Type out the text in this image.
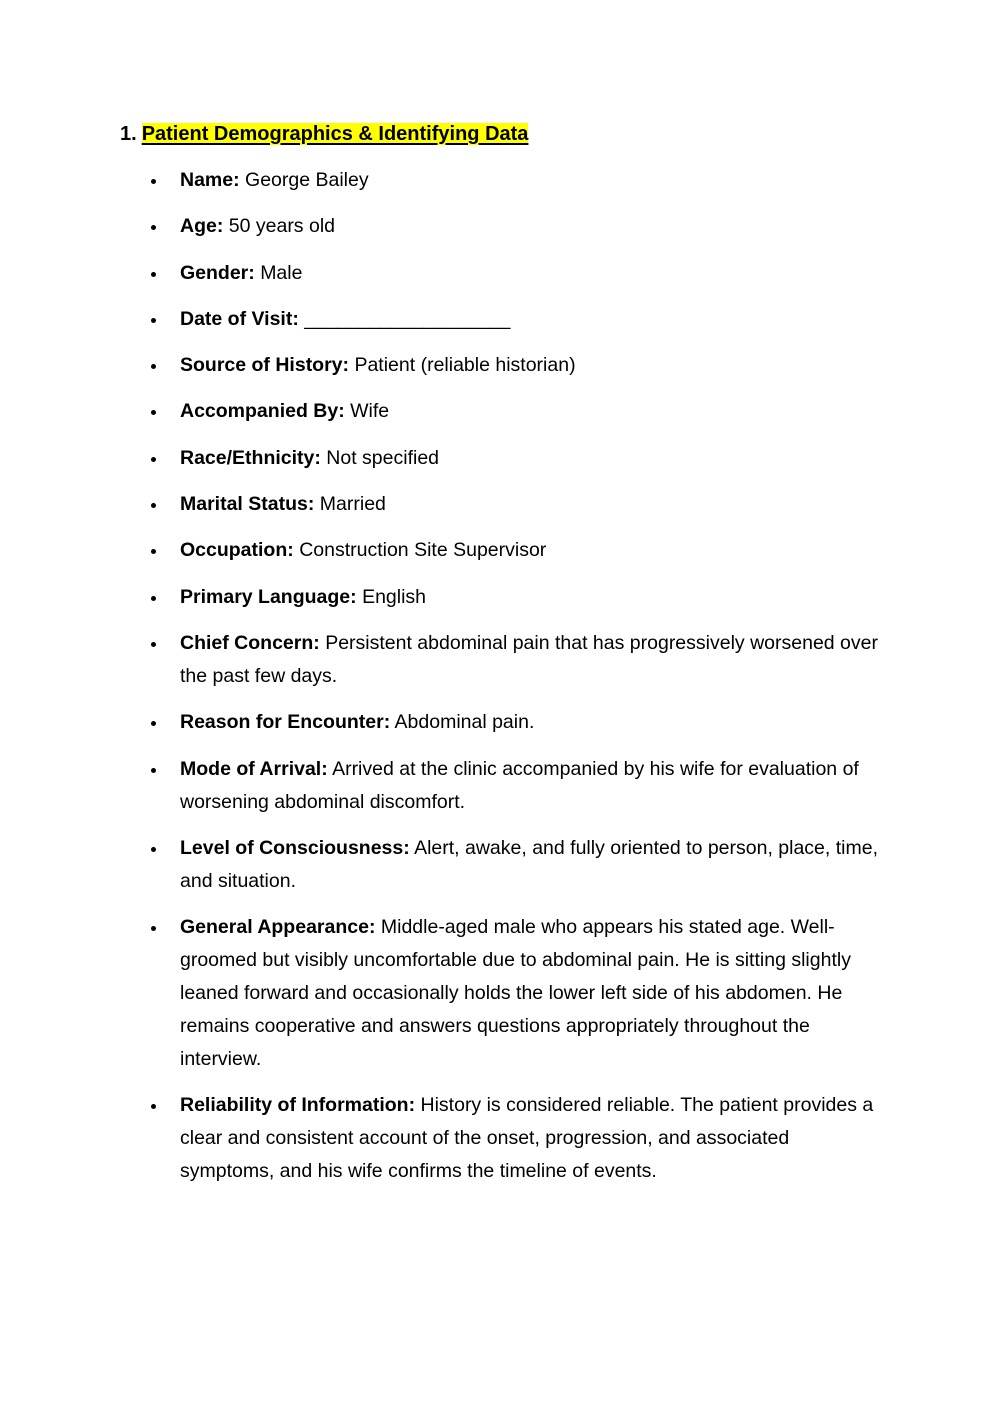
1. Patient Demographics & Identifying Data
Name: George Bailey
Age: 50 years old
Gender: Male
Date of Visit: ___________________
Source of History: Patient (reliable historian)
Accompanied By: Wife
Race/Ethnicity: Not specified
Marital Status: Married
Occupation: Construction Site Supervisor
Primary Language: English
Chief Concern: Persistent abdominal pain that has progressively worsened over the past few days.
Reason for Encounter: Abdominal pain.
Mode of Arrival: Arrived at the clinic accompanied by his wife for evaluation of worsening abdominal discomfort.
Level of Consciousness: Alert, awake, and fully oriented to person, place, time, and situation.
General Appearance: Middle-aged male who appears his stated age. Well-groomed but visibly uncomfortable due to abdominal pain. He is sitting slightly leaned forward and occasionally holds the lower left side of his abdomen. He remains cooperative and answers questions appropriately throughout the interview.
Reliability of Information: History is considered reliable. The patient provides a clear and consistent account of the onset, progression, and associated symptoms, and his wife confirms the timeline of events.
